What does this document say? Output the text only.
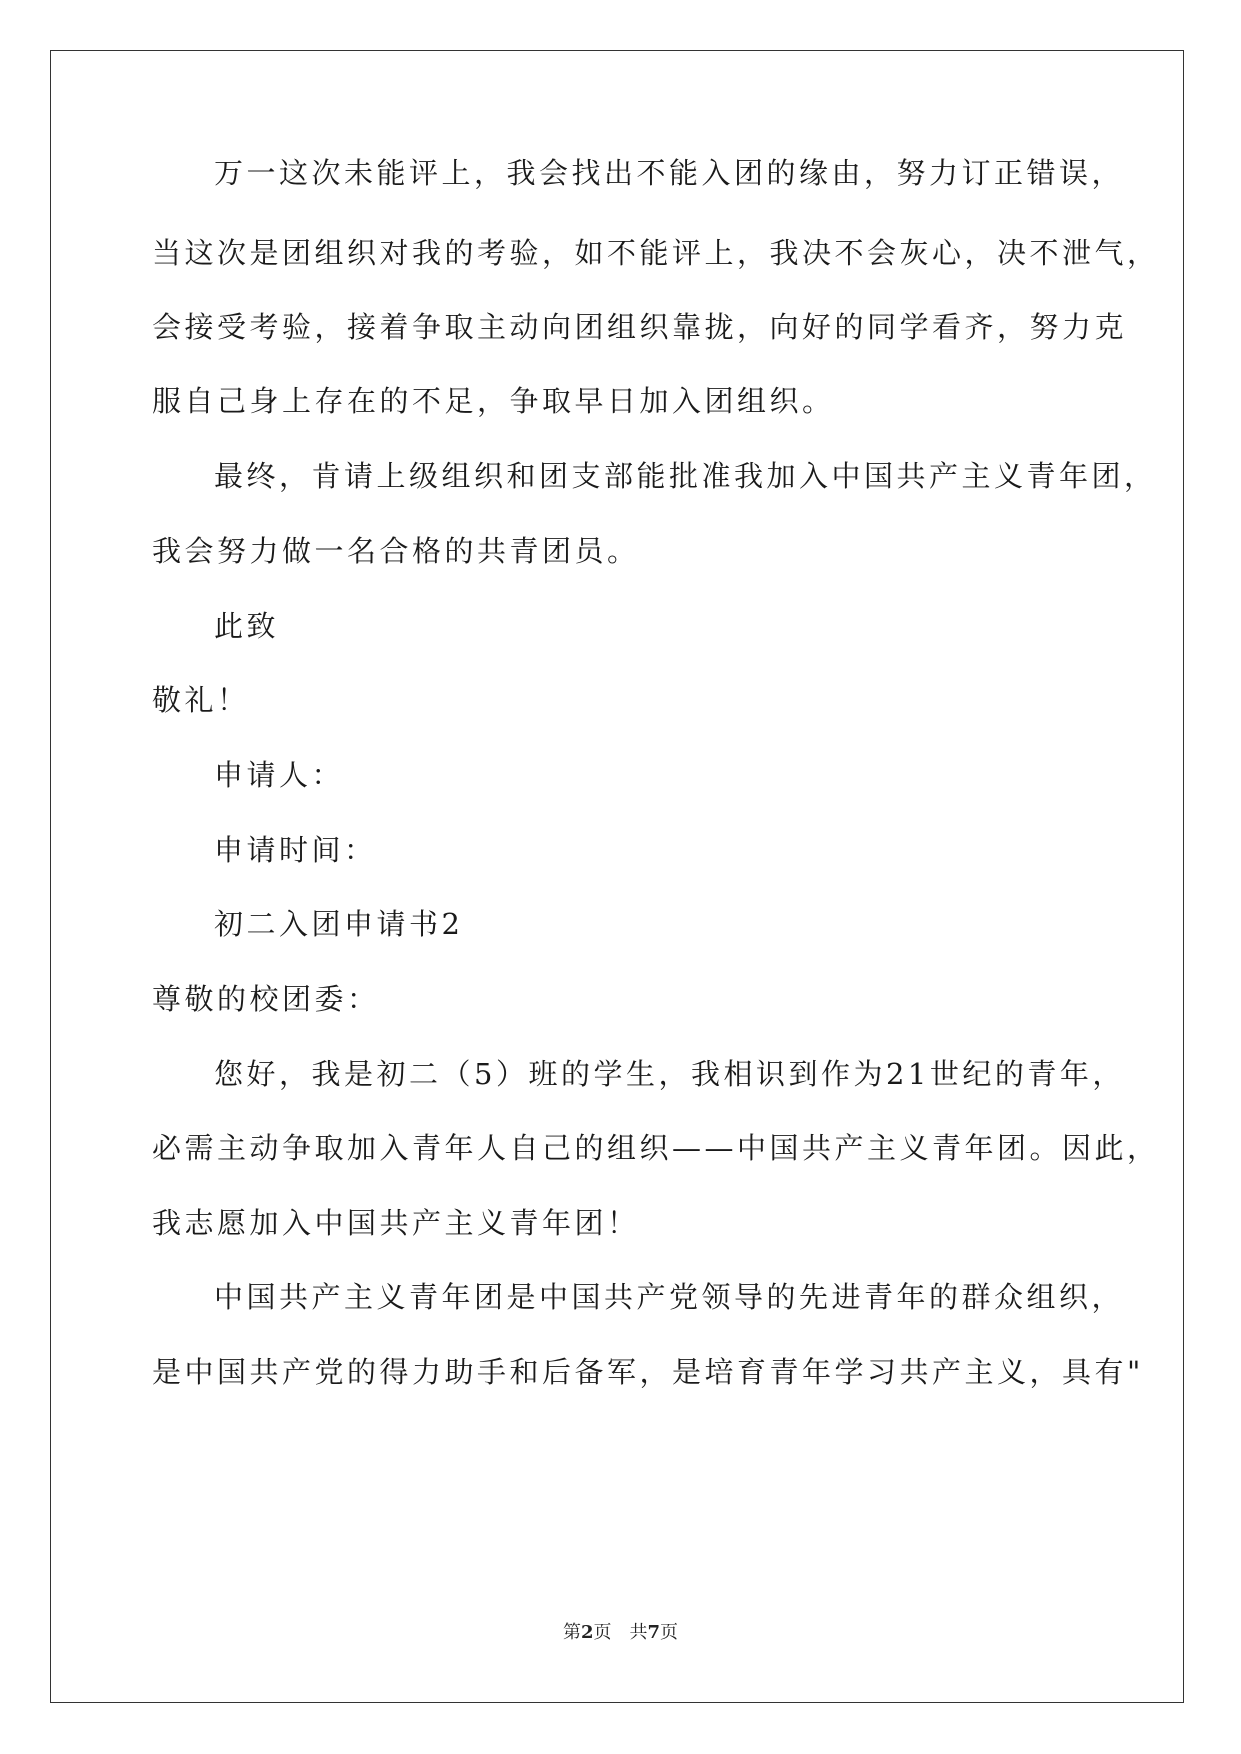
万一这次未能评上，我会找出不能入团的缘由，努力订正错误，
当这次是团组织对我的考验，如不能评上，我决不会灰心，决不泄气，
会接受考验，接着争取主动向团组织靠拢，向好的同学看齐，努力克
服自己身上存在的不足，争取早日加入团组织。
最终，肯请上级组织和团支部能批准我加入中国共产主义青年团，
我会努力做一名合格的共青团员。
此致
敬礼！
申请人：
申请时间：
初二入团申请书2
尊敬的校团委：
您好，我是初二（5）班的学生，我相识到作为21世纪的青年，
必需主动争取加入青年人自己的组织——中国共产主义青年团。因此，
我志愿加入中国共产主义青年团！
中国共产主义青年团是中国共产党领导的先进青年的群众组织，
是中国共产党的得力助手和后备军，是培育青年学习共产主义，具有"
第2页 共7页
